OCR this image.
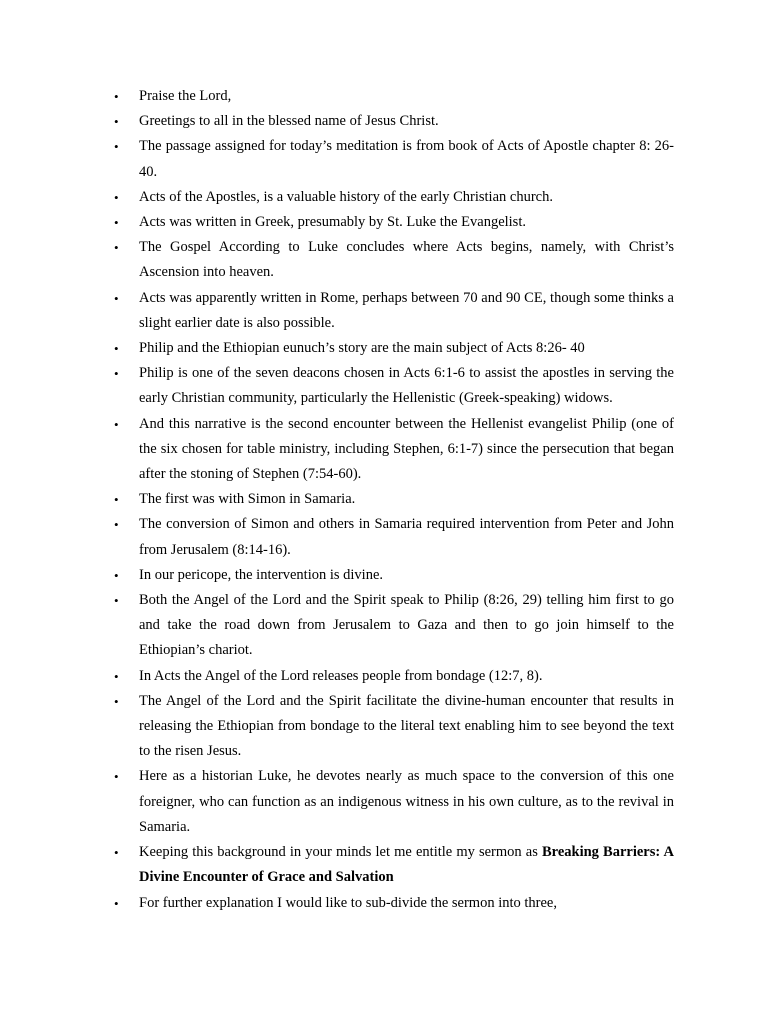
• Praise the Lord,
• Greetings to all in the blessed name of Jesus Christ.
• The passage assigned for today’s meditation is from book of Acts of Apostle chapter 8: 26-40.
• Acts of the Apostles, is a valuable history of the early Christian church.
• Acts was written in Greek, presumably by St. Luke the Evangelist.
• The Gospel According to Luke concludes where Acts begins, namely, with Christ’s Ascension into heaven.
• Acts was apparently written in Rome, perhaps between 70 and 90 CE, though some thinks a slight earlier date is also possible.
• Philip and the Ethiopian eunuch’s story are the main subject of Acts 8:26- 40
• Philip is one of the seven deacons chosen in Acts 6:1-6 to assist the apostles in serving the early Christian community, particularly the Hellenistic (Greek-speaking) widows.
• And this narrative is the second encounter between the Hellenist evangelist Philip (one of the six chosen for table ministry, including Stephen, 6:1-7) since the persecution that began after the stoning of Stephen (7:54-60).
• The first was with Simon in Samaria.
• The conversion of Simon and others in Samaria required intervention from Peter and John from Jerusalem (8:14-16).
• In our pericope, the intervention is divine.
• Both the Angel of the Lord and the Spirit speak to Philip (8:26, 29) telling him first to go and take the road down from Jerusalem to Gaza and then to go join himself to the Ethiopian’s chariot.
• In Acts the Angel of the Lord releases people from bondage (12:7, 8).
• The Angel of the Lord and the Spirit facilitate the divine-human encounter that results in releasing the Ethiopian from bondage to the literal text enabling him to see beyond the text to the risen Jesus.
• Here as a historian Luke, he devotes nearly as much space to the conversion of this one foreigner, who can function as an indigenous witness in his own culture, as to the revival in Samaria.
• Keeping this background in your minds let me entitle my sermon as Breaking Barriers: A Divine Encounter of Grace and Salvation
• For further explanation I would like to sub-divide the sermon into three,
